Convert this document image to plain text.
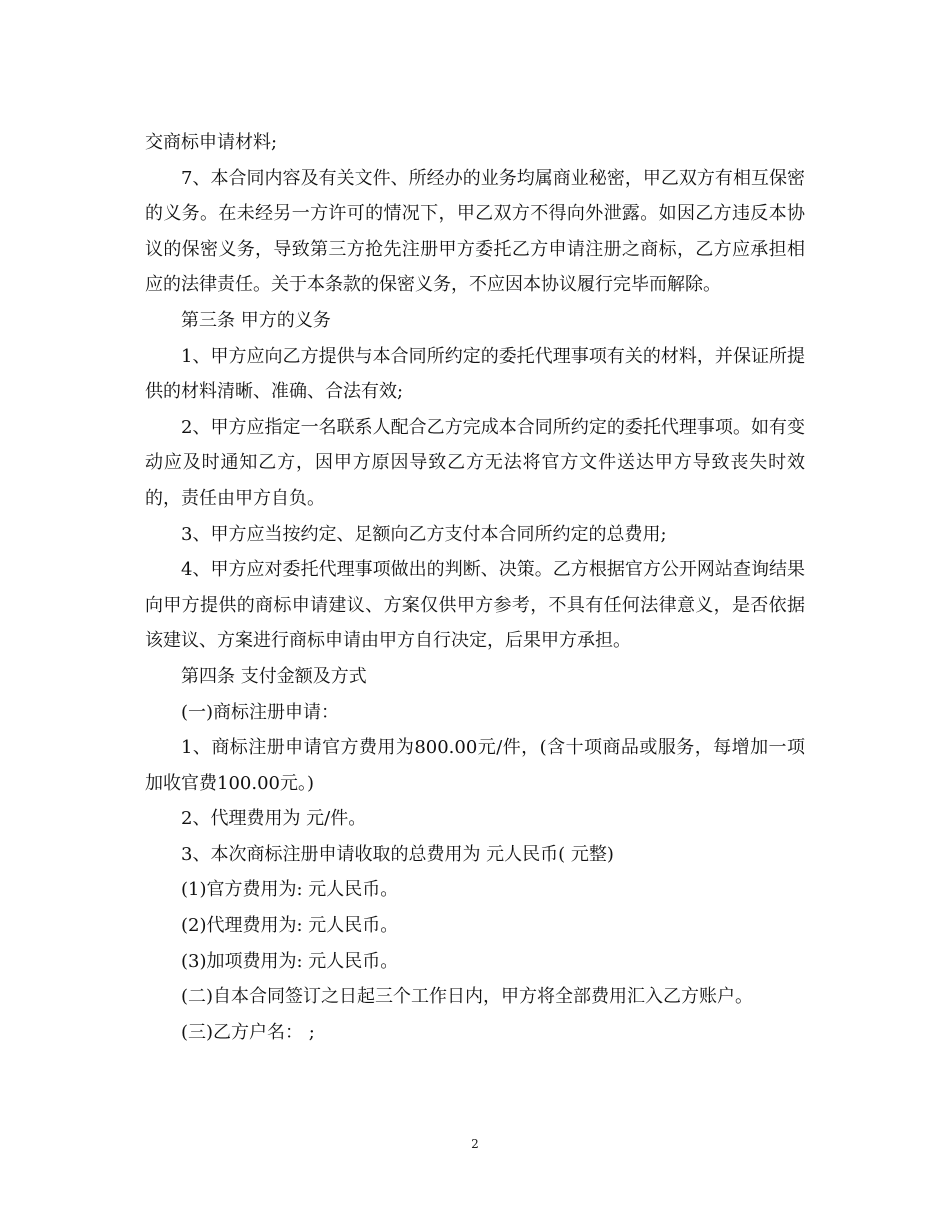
交商标申请材料;

7、本合同内容及有关文件、所经办的业务均属商业秘密，甲乙双方有相互保密的义务。在未经另一方许可的情况下，甲乙双方不得向外泄露。如因乙方违反本协议的保密义务，导致第三方抢先注册甲方委托乙方申请注册之商标，乙方应承担相应的法律责任。关于本条款的保密义务，不应因本协议履行完毕而解除。

第三条 甲方的义务

1、甲方应向乙方提供与本合同所约定的委托代理事项有关的材料，并保证所提供的材料清晰、准确、合法有效;

2、甲方应指定一名联系人配合乙方完成本合同所约定的委托代理事项。如有变动应及时通知乙方，因甲方原因导致乙方无法将官方文件送达甲方导致丧失时效的，责任由甲方自负。

3、甲方应当按约定、足额向乙方支付本合同所约定的总费用;

4、甲方应对委托代理事项做出的判断、决策。乙方根据官方公开网站查询结果向甲方提供的商标申请建议、方案仅供甲方参考，不具有任何法律意义，是否依据该建议、方案进行商标申请由甲方自行决定，后果甲方承担。

第四条 支付金额及方式

(一)商标注册申请：

1、商标注册申请官方费用为800.00元/件，(含十项商品或服务，每增加一项加收官费100.00元。)

2、代理费用为 元/件。

3、本次商标注册申请收取的总费用为 元人民币( 元整)

(1)官方费用为: 元人民币。

(2)代理费用为: 元人民币。

(3)加项费用为: 元人民币。

(二)自本合同签订之日起三个工作日内，甲方将全部费用汇入乙方账户。

(三)乙方户名： ;

2
